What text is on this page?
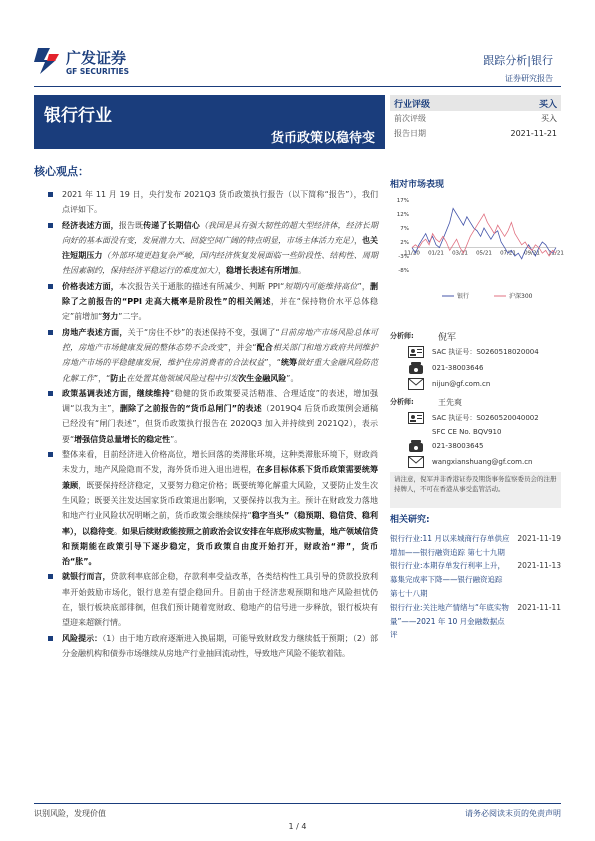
广发证券
GF SECURITIES
跟踪分析|银行
证券研究报告
银行行业
货币政策以稳待变
行业评级	买入
前次评级	买入
报告日期	2021-11-21
核心观点：

2021 年 11 月 19 日，央行发布 2021Q3 货币政策执行报告（以下简称“报告”），我们点评如下。

经济表述方面，报告既传递了长期信心（我国是具有强大韧性的超大型经济体，经济长期向好的基本面没有变，发展潜力大、回旋空间广阔的特点明显，市场主体活力充足），也关注短期压力（外部环境更趋复杂严峻，国内经济恢复发展面临一些阶段性、结构性、周期性因素制约，保持经济平稳运行的难度加大），稳增长表述有所增加。

价格表述方面，本次报告关于通胀的描述有所减少、判断 PPI“短期内可能维持高位”，删除了之前报告的“PPI 走高大概率是阶段性”的相关阐述，并在“保持物价水平总体稳定”前增加“努力”二字。

房地产表述方面，关于“房住不炒”的表述保持不变，强调了“目前房地产市场风险总体可控，房地产市场健康发展的整体态势不会改变”，并会“配合相关部门和地方政府共同维护房地产市场的平稳健康发展，维护住房消费者的合法权益”，“统筹做好重大金融风险防范化解工作”，“防止在处置其他领域风险过程中引发次生金融风险”。

政策基调表述方面，继续维持“稳健的货币政策要灵活精准、合理适度”的表述，增加强调“以我为主”，删除了之前报告的“货币总闸门”的表述（2019Q4 后货币政策例会通稿已经没有“闸门表述”，但货币政策执行报告在 2020Q3 加入并持续到 2021Q2），表示要“增强信贷总量增长的稳定性”。

整体来看，目前经济进入价格高位，增长回落的类滞胀环境，这种类滞胀环境下，财政尚未发力，地产风险隐而不发，海外货币进入退出进程，在多目标体系下货币政策需要统筹兼顾，既要保持经济稳定，又要努力稳定价格；既要统筹化解重大风险，又要防止发生次生风险；既要关注发达国家货币政策退出影响，又要保持以我为主。预计在财政发力落地和地产行业风险状况明晰之前，货币政策会继续保持“稳字当头”（稳预期、稳信贷、稳利率），以稳待变。如果后续财政能按照之前政治会议安排在年底形成实物量，地产领域信贷和预期能在政策引导下逐步稳定，货币政策自由度开始打开，财政治“滞”，货币治“胀”。

就银行而言，贷款利率底部企稳，存款利率受益改革，各类结构性工具引导的贷款投放利率开始鼓励市场化，银行息差有望企稳回升。目前由于经济悲观预期和地产风险担忧仍在，银行板块底部徘徊，但我们预计随着宽财政、稳地产的信号进一步释放，银行板块有望迎来超额行情。

风险提示：（1）由于地方政府逐渐进入换届期，可能导致财政发力继续低于预期；（2）部分金融机构和债券市场继续从房地产行业抽回流动性，导致地产风险不能软着陆。

相对市场表现
17%
12%
7%
2%
-3%
-8%
11/20 01/21 03/21 05/21 07/21 09/21 11/21
银行	沪深300
分析师:	倪军
SAC 执证号：S0260518020004
021-38003646
nijun@gf.com.cn
分析师:	王先爽
SAC 执证号：S0260520040002
SFC CE No. BQV910
021-38003645
wangxianshuang@gf.com.cn
请注意，倪军并非香港证券及期货事务监察委员会的注册持牌人，不可在香港从事受监管活动。
相关研究:
银行行业:11 月以来城商行存单供应增加——银行融资追踪 第七十九期
2021-11-19
银行行业:本期存单发行利率上升，募集完成率下降——银行融资追踪 第七十八期
2021-11-13
银行行业:关注地产情绪与“年底实物量”——2021 年 10 月金融数据点评
2021-11-11
识别风险，发现价值	请务必阅读末页的免责声明
1 / 4
